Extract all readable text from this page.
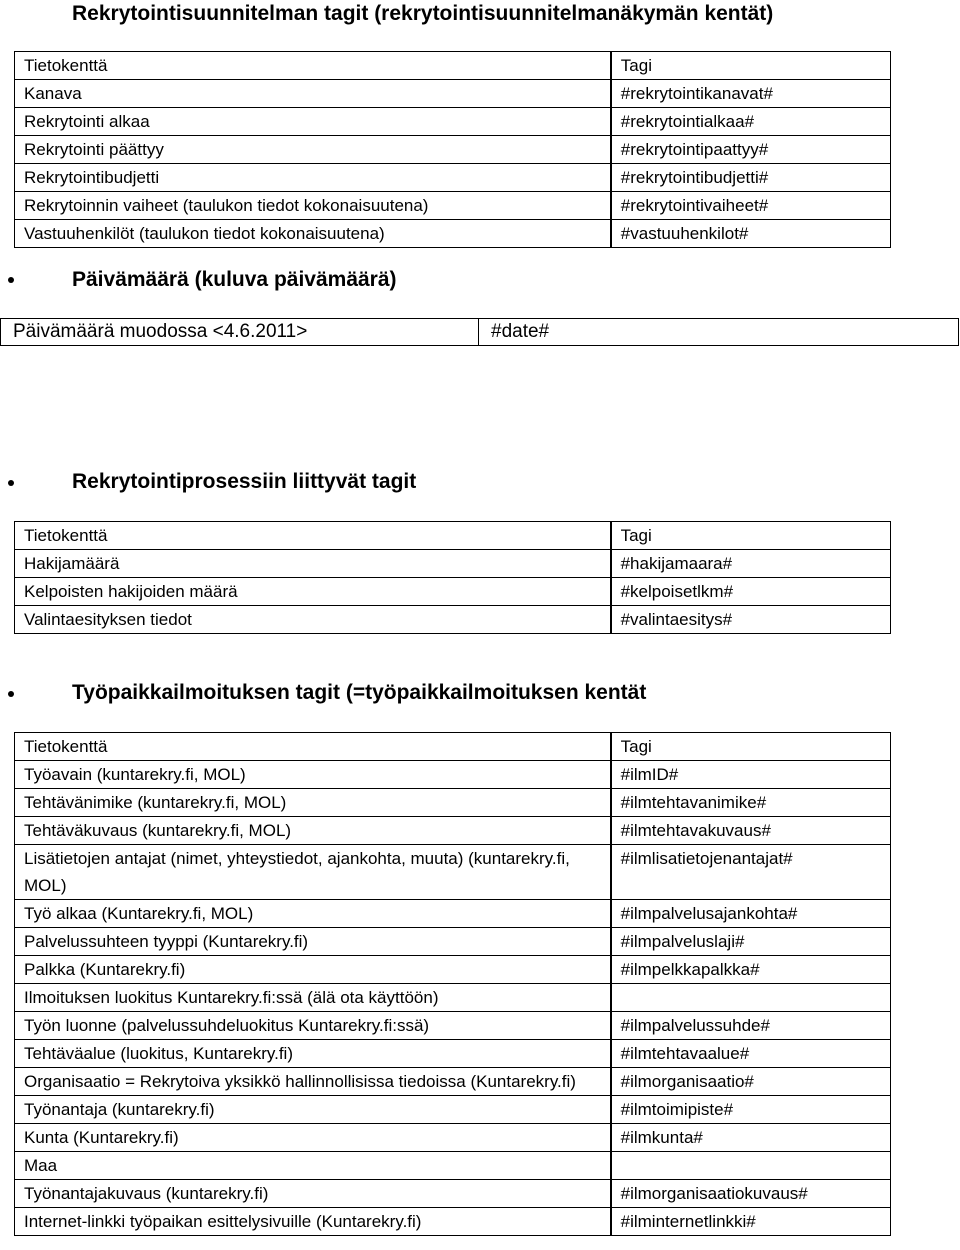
Rekrytointisuunnitelman tagit (rekrytointisuunnitelmanäkymän kentät)
Tietokenttä	Tagi
Kanava	#rekrytointikanavat#
Rekrytointi alkaa	#rekrytointialkaa#
Rekrytointi päättyy	#rekrytointipaattyy#
Rekrytointibudjetti	#rekrytointibudjetti#
Rekrytoinnin vaiheet (taulukon tiedot kokonaisuutena)	#rekrytointivaiheet#
Vastuuhenkilöt (taulukon tiedot kokonaisuutena)	#vastuuhenkilot#
Päivämäärä (kuluva päivämäärä)
Päivämäärä muodossa <4.6.2011>	#date#
Rekrytointiprosessiin liittyvät tagit
Tietokenttä	Tagi
Hakijamäärä	#hakijamaara#
Kelpoisten hakijoiden määrä	#kelpoisetlkm#
Valintaesityksen tiedot	#valintaesitys#
Työpaikkailmoituksen tagit (=työpaikkailmoituksen kentät
Tietokenttä	Tagi
Työavain (kuntarekry.fi, MOL)	#ilmID#
Tehtävänimike (kuntarekry.fi, MOL)	#ilmtehtavanimike#
Tehtäväkuvaus (kuntarekry.fi, MOL)	#ilmtehtavakuvaus#
Lisätietojen antajat (nimet, yhteystiedot, ajankohta, muuta) (kuntarekry.fi, MOL)	#ilmlisatietojenantajat#
Työ alkaa (Kuntarekry.fi, MOL)	#ilmpalvelusajankohta#
Palvelussuhteen tyyppi (Kuntarekry.fi)	#ilmpalveluslaji#
Palkka (Kuntarekry.fi)	#ilmpelkkapalkka#
Ilmoituksen luokitus Kuntarekry.fi:ssä (älä ota käyttöön)	
Työn luonne (palvelussuhdeluokitus Kuntarekry.fi:ssä)	#ilmpalvelussuhde#
Tehtäväalue (luokitus, Kuntarekry.fi)	#ilmtehtavaalue#
Organisaatio = Rekrytoiva yksikkö hallinnollisissa tiedoissa (Kuntarekry.fi)	#ilmorganisaatio#
Työnantaja (kuntarekry.fi)	#ilmtoimipiste#
Kunta (Kuntarekry.fi)	#ilmkunta#
Maa	
Työnantajakuvaus (kuntarekry.fi)	#ilmorganisaatiokuvaus#
Internet-linkki työpaikan esittelysivuille (Kuntarekry.fi)	#ilminternetlinkki#
